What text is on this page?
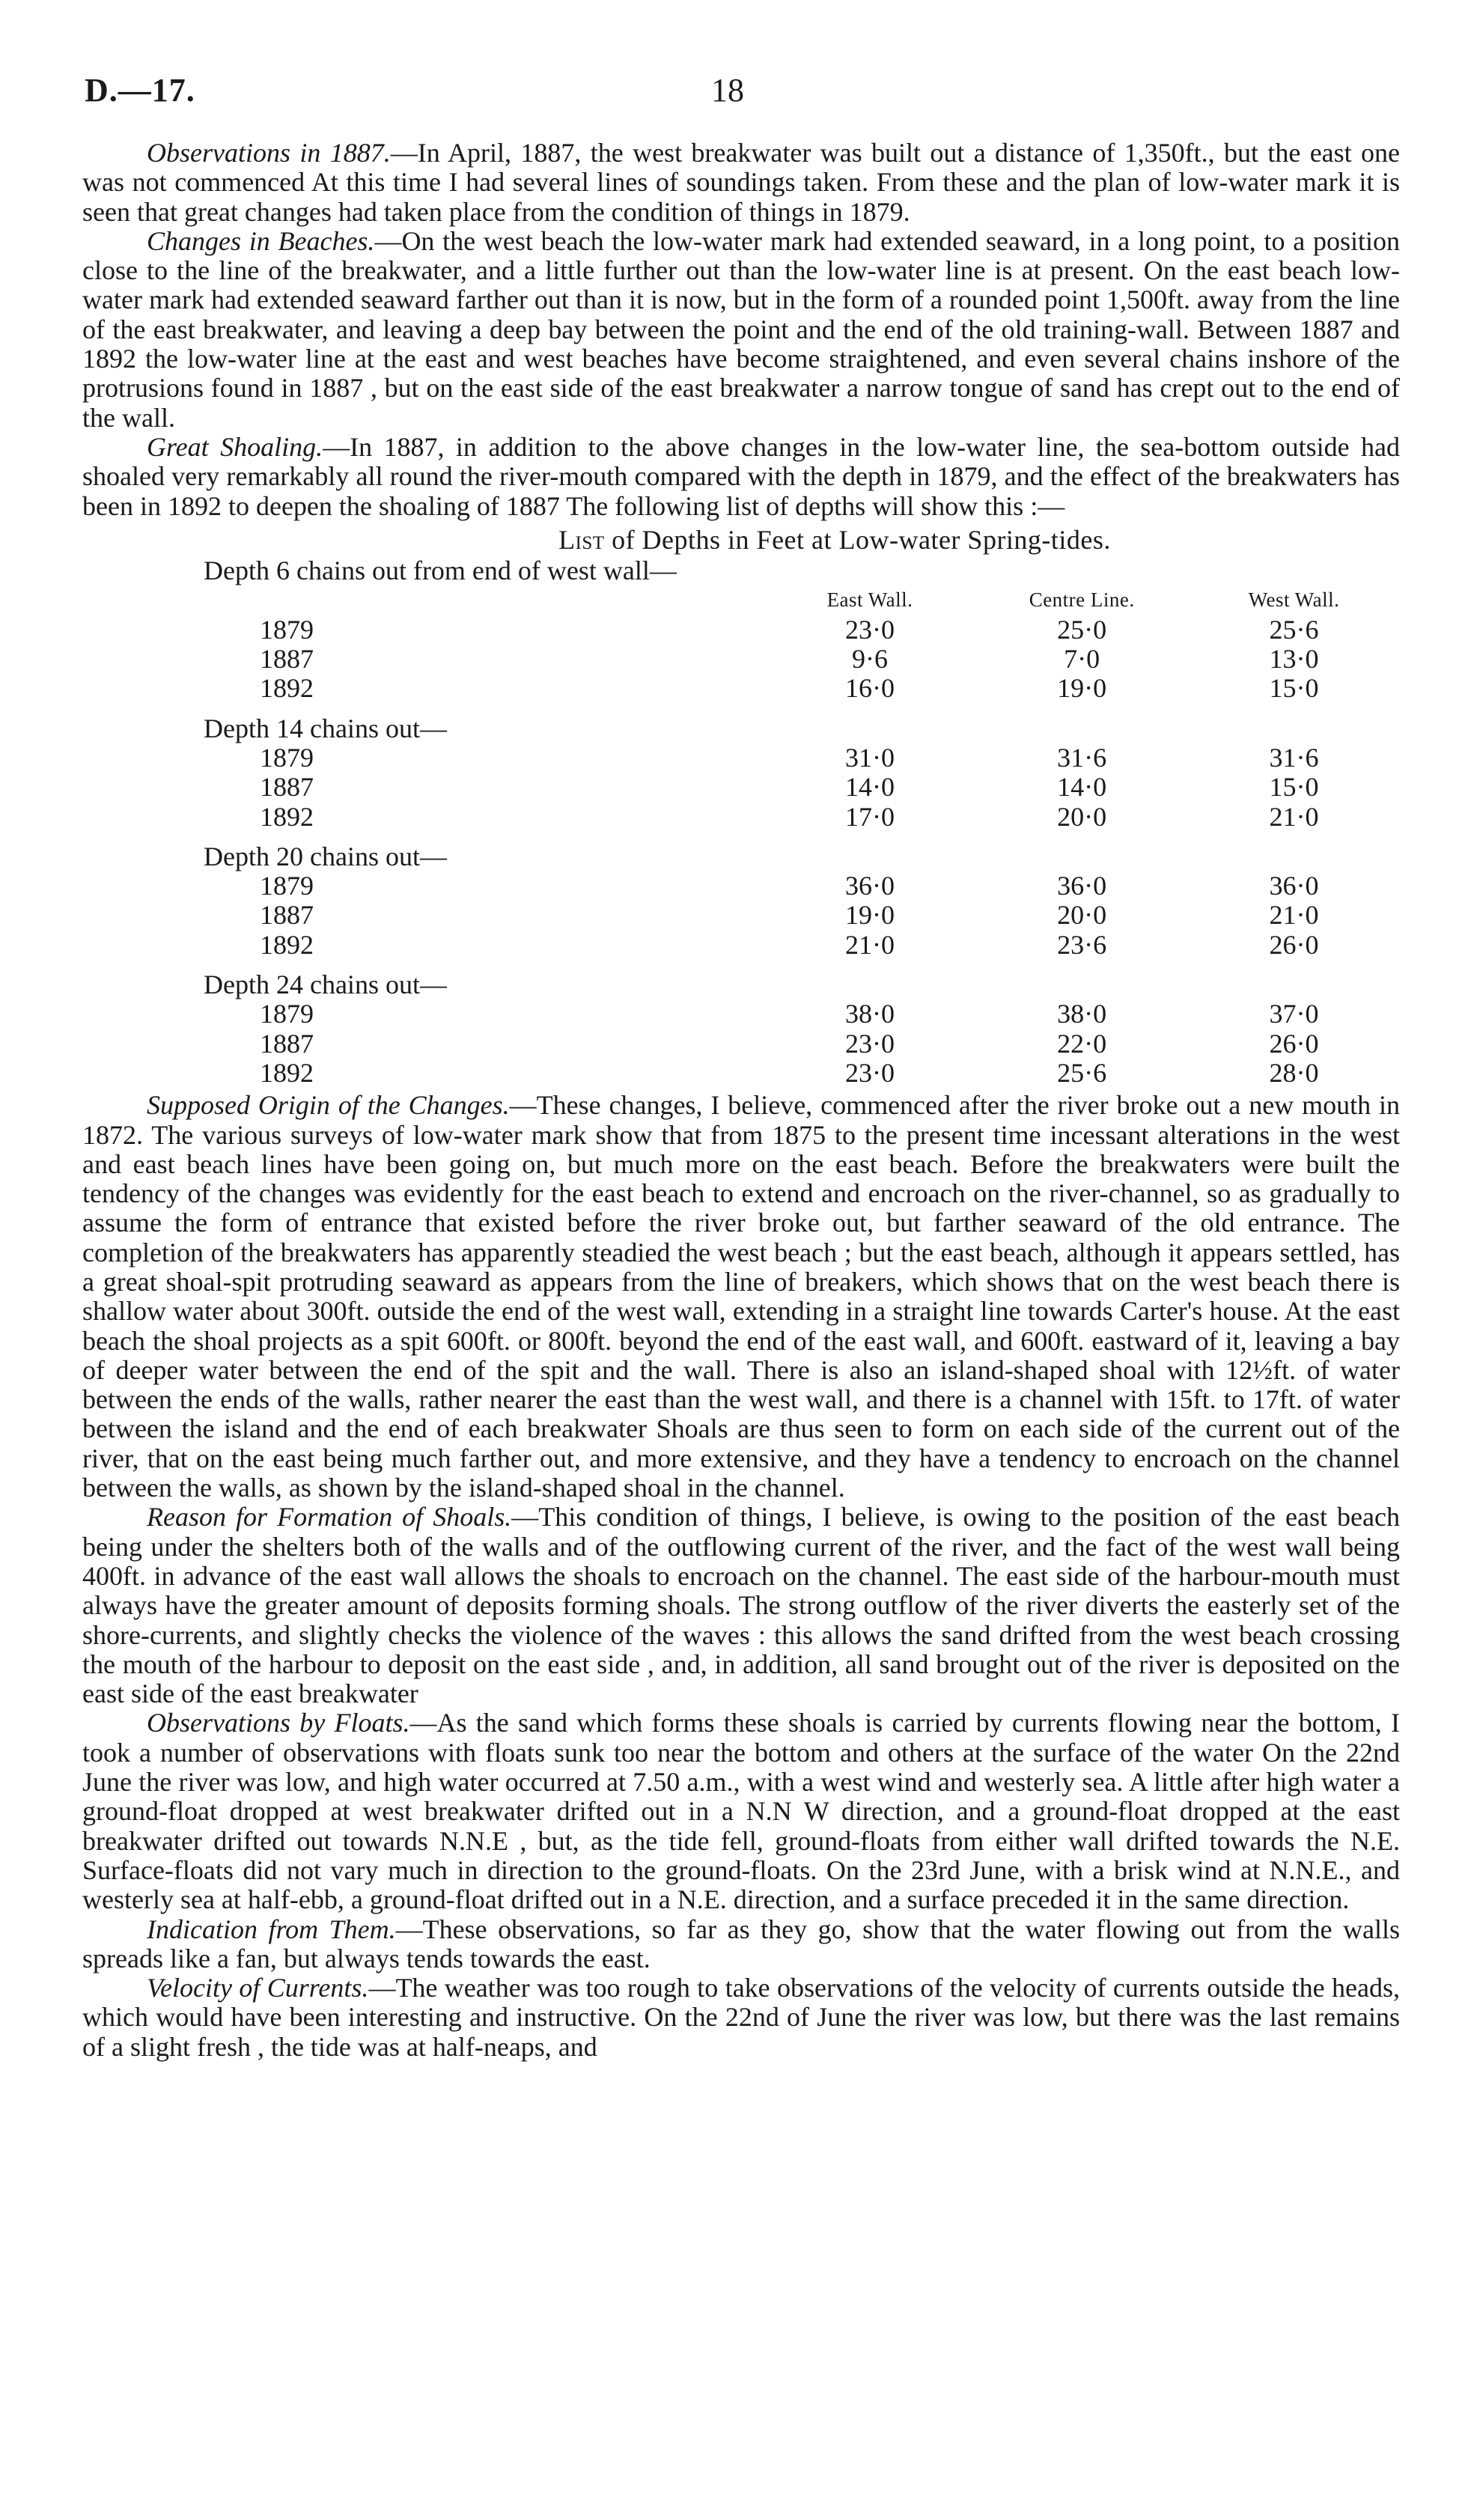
D.—17.	18

Observations in 1887.—In April, 1887, the west breakwater was built out a distance of 1,350ft., but the east one was not commenced At this time I had several lines of soundings taken. From these and the plan of low-water mark it is seen that great changes had taken place from the condition of things in 1879.

Changes in Beaches.—On the west beach the low-water mark had extended seaward, in a long point, to a position close to the line of the breakwater, and a little further out than the low-water line is at present. On the east beach low-water mark had extended seaward farther out than it is now, but in the form of a rounded point 1,500ft. away from the line of the east breakwater, and leaving a deep bay between the point and the end of the old training-wall. Between 1887 and 1892 the low-water line at the east and west beaches have become straightened, and even several chains inshore of the protrusions found in 1887 , but on the east side of the east breakwater a narrow tongue of sand has crept out to the end of the wall.

Great Shoaling.—In 1887, in addition to the above changes in the low-water line, the sea-bottom outside had shoaled very remarkably all round the river-mouth compared with the depth in 1879, and the effect of the breakwaters has been in 1892 to deepen the shoaling of 1887 The following list of depths will show this :—

List of Depths in Feet at Low-water Spring-tides.
Depth 6 chains out from end of west wall—			
	East Wall.	Centre Line.	West Wall.
1879	23·0	25·0	25·6
1887	9·6	7·0	13·0
1892	16·0	19·0	15·0

Depth 14 chains out—			
1879	31·0	31·6	31·6
1887	14·0	14·0	15·0
1892	17·0	20·0	21·0

Depth 20 chains out—			
1879	36·0	36·0	36·0
1887	19·0	20·0	21·0
1892	21·0	23·6	26·0

Depth 24 chains out—			
1879	38·0	38·0	37·0
1887	23·0	22·0	26·0
1892	23·0	25·6	28·0

Supposed Origin of the Changes.—These changes, I believe, commenced after the river broke out a new mouth in 1872. The various surveys of low-water mark show that from 1875 to the present time incessant alterations in the west and east beach lines have been going on, but much more on the east beach. Before the breakwaters were built the tendency of the changes was evidently for the east beach to extend and encroach on the river-channel, so as gradually to assume the form of entrance that existed before the river broke out, but farther seaward of the old entrance. The completion of the breakwaters has apparently steadied the west beach ; but the east beach, although it appears settled, has a great shoal-spit protruding seaward as appears from the line of breakers, which shows that on the west beach there is shallow water about 300ft. outside the end of the west wall, extending in a straight line towards Carter's house. At the east beach the shoal projects as a spit 600ft. or 800ft. beyond the end of the east wall, and 600ft. eastward of it, leaving a bay of deeper water between the end of the spit and the wall. There is also an island-shaped shoal with 12½ft. of water between the ends of the walls, rather nearer the east than the west wall, and there is a channel with 15ft. to 17ft. of water between the island and the end of each breakwater Shoals are thus seen to form on each side of the current out of the river, that on the east being much farther out, and more extensive, and they have a tendency to encroach on the channel between the walls, as shown by the island-shaped shoal in the channel.

Reason for Formation of Shoals.—This condition of things, I believe, is owing to the position of the east beach being under the shelters both of the walls and of the outflowing current of the river, and the fact of the west wall being 400ft. in advance of the east wall allows the shoals to encroach on the channel. The east side of the harbour-mouth must always have the greater amount of deposits forming shoals. The strong outflow of the river diverts the easterly set of the shore-currents, and slightly checks the violence of the waves : this allows the sand drifted from the west beach crossing the mouth of the harbour to deposit on the east side , and, in addition, all sand brought out of the river is deposited on the east side of the east breakwater

Observations by Floats.—As the sand which forms these shoals is carried by currents flowing near the bottom, I took a number of observations with floats sunk too near the bottom and others at the surface of the water On the 22nd June the river was low, and high water occurred at 7.50 a.m., with a west wind and westerly sea. A little after high water a ground-float dropped at west breakwater drifted out in a N.N W direction, and a ground-float dropped at the east breakwater drifted out towards N.N.E , but, as the tide fell, ground-floats from either wall drifted towards the N.E. Surface-floats did not vary much in direction to the ground-floats. On the 23rd June, with a brisk wind at N.N.E., and westerly sea at half-ebb, a ground-float drifted out in a N.E. direction, and a surface preceded it in the same direction.

Indication from Them.—These observations, so far as they go, show that the water flowing out from the walls spreads like a fan, but always tends towards the east.

Velocity of Currents.—The weather was too rough to take observations of the velocity of currents outside the heads, which would have been interesting and instructive. On the 22nd of June the river was low, but there was the last remains of a slight fresh , the tide was at half-neaps, and
